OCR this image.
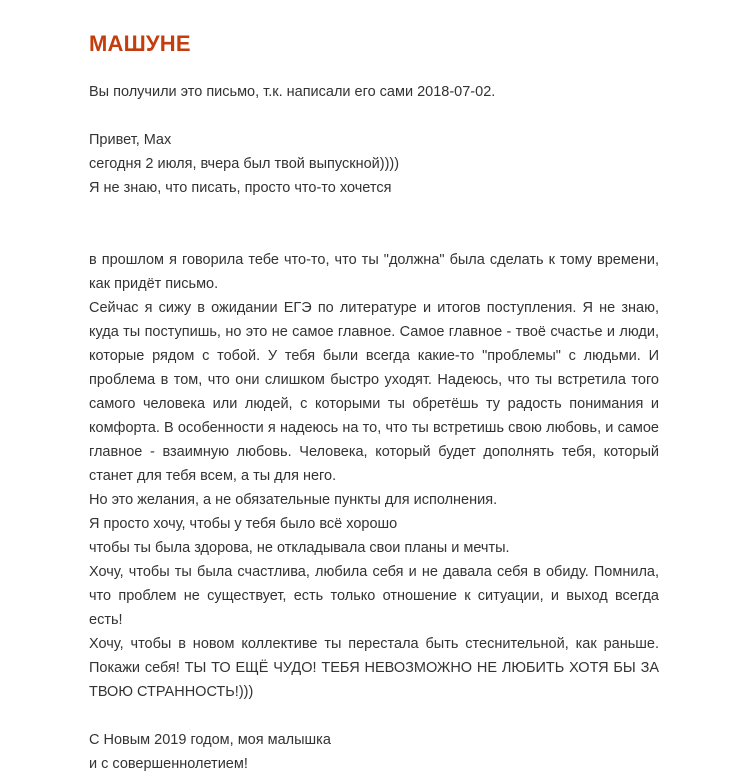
МАШУНЕ

Вы получили это письмо, т.к. написали его сами 2018-07-02.

Привет, Max
сегодня 2 июля, вчера был твой выпускной))))
Я не знаю, что писать, просто что-то хочется
в прошлом я говорила тебе что-то, что ты "должна" была сделать к тому времени, как придёт письмо.
Сейчас я сижу в ожидании ЕГЭ по литературе и итогов поступления. Я не знаю, куда ты поступишь, но это не самое главное. Самое главное - твоё счастье и люди, которые рядом с тобой. У тебя были всегда какие-то "проблемы" с людьми. И проблема в том, что они слишком быстро уходят. Надеюсь, что ты встретила того самого человека или людей, с которыми ты обретёшь ту радость понимания и комфорта. В особенности я надеюсь на то, что ты встретишь свою любовь, и самое главное - взаимную любовь. Человека, который будет дополнять тебя, который станет для тебя всем, а ты для него.
Но это желания, а не обязательные пункты для исполнения.
Я просто хочу, чтобы у тебя было всё хорошо
чтобы ты была здорова, не откладывала свои планы и мечты.
Хочу, чтобы ты была счастлива, любила себя и не давала себя в обиду. Помнила, что проблем не существует, есть только отношение к ситуации, и выход всегда есть!
Хочу, чтобы в новом коллективе ты перестала быть стеснительной, как раньше. Покажи себя! ТЫ ТО ЕЩЁ ЧУДО! ТЕБЯ НЕВОЗМОЖНО НЕ ЛЮБИТЬ ХОТЯ БЫ ЗА ТВОЮ СТРАННОСТЬ!)))
С Новым 2019 годом, моя малышка
и с совершеннолетием!
